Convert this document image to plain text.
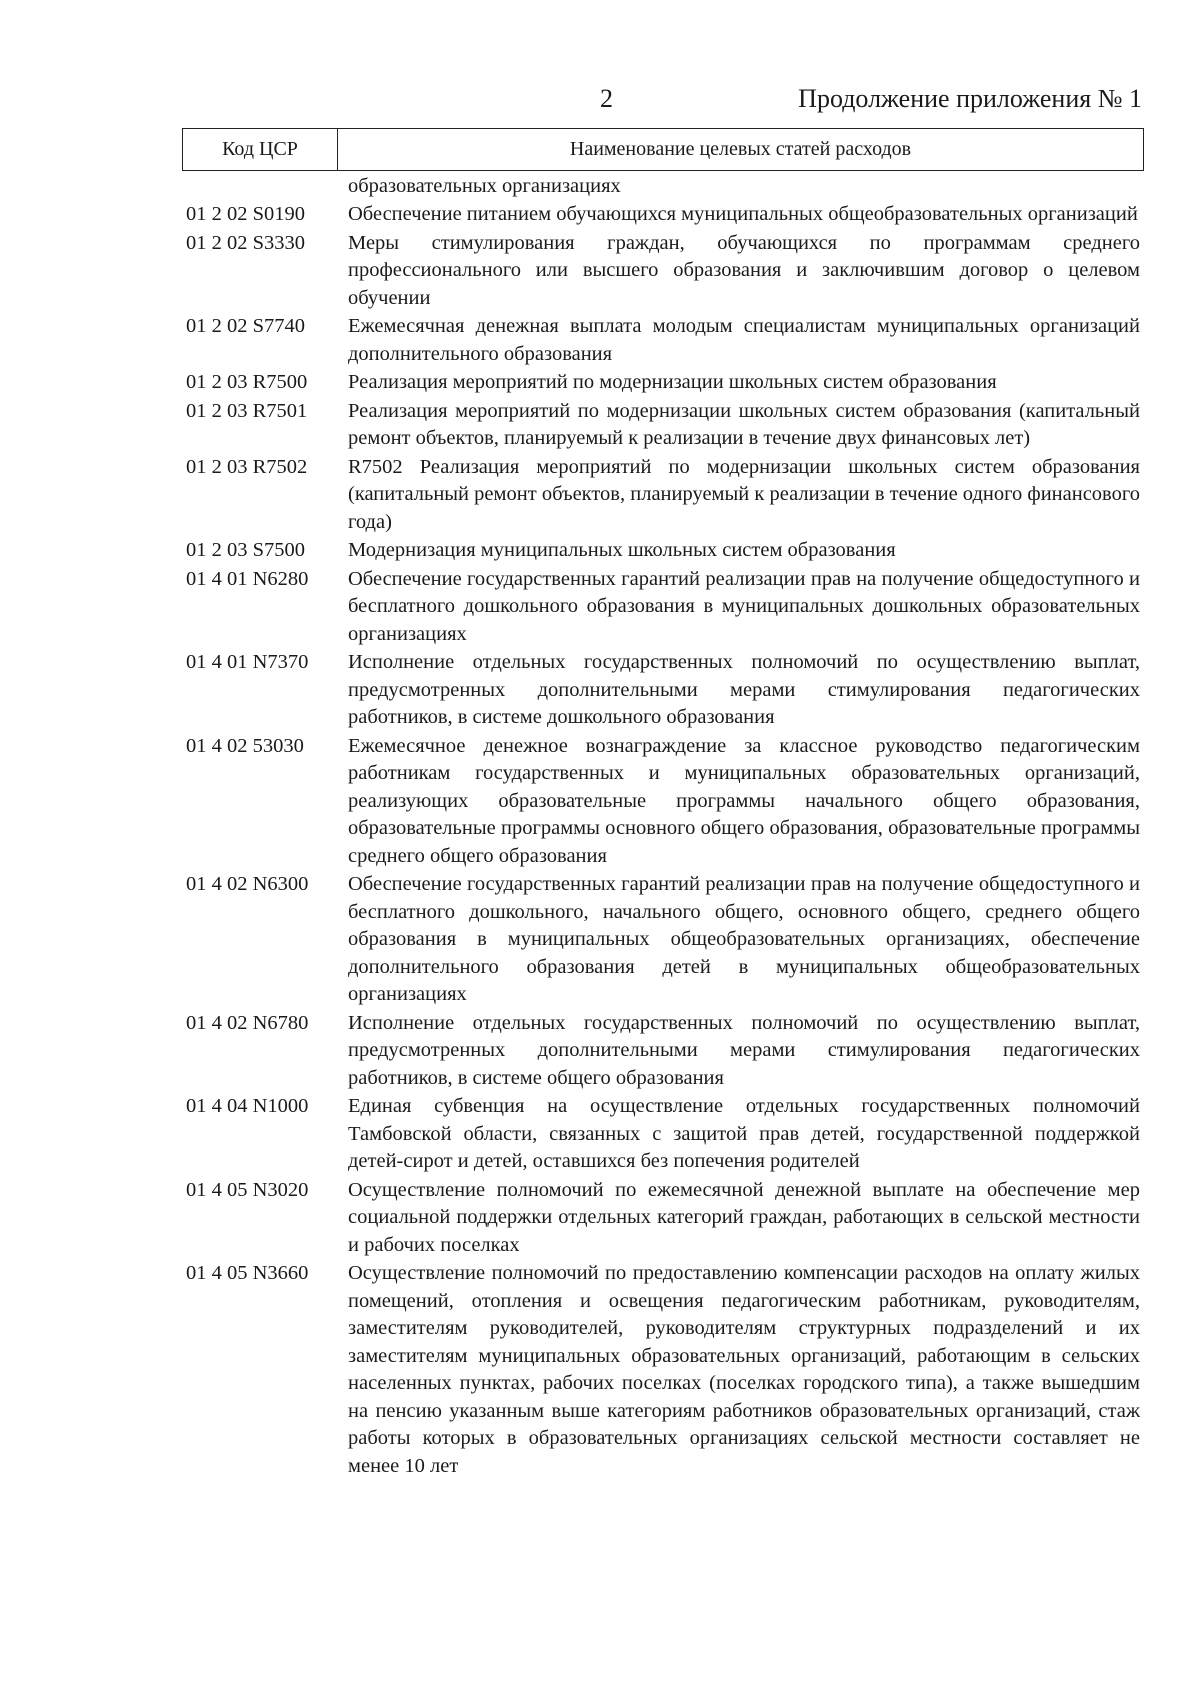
2	Продолжение приложения № 1
Код ЦСР	Наименование целевых статей расходов
образовательных организациях
01 2 02 S0190	Обеспечение питанием обучающихся муниципальных общеобразовательных организаций
01 2 02 S3330	Меры стимулирования граждан, обучающихся по программам среднего профессионального или высшего образования и заключившим договор о целевом обучении
01 2 02 S7740	Ежемесячная денежная выплата молодым специалистам муниципальных организаций дополнительного образования
01 2 03 R7500	Реализация мероприятий по модернизации школьных систем образования
01 2 03 R7501	Реализация мероприятий по модернизации школьных систем образования (капитальный ремонт объектов, планируемый к реализации в течение двух финансовых лет)
01 2 03 R7502	R7502 Реализация мероприятий по модернизации школьных систем образования (капитальный ремонт объектов, планируемый к реализации в течение одного финансового года)
01 2 03 S7500	Модернизация муниципальных школьных систем образования
01 4 01 N6280	Обеспечение государственных гарантий реализации прав на получение общедоступного и бесплатного дошкольного образования в муниципальных дошкольных образовательных организациях
01 4 01 N7370	Исполнение отдельных государственных полномочий по осуществлению выплат, предусмотренных дополнительными мерами стимулирования педагогических работников, в системе дошкольного образования
01 4 02 53030	Ежемесячное денежное вознаграждение за классное руководство педагогическим работникам государственных и муниципальных образовательных организаций, реализующих образовательные программы начального общего образования, образовательные программы основного общего образования, образовательные программы среднего общего образования
01 4 02 N6300	Обеспечение государственных гарантий реализации прав на получение общедоступного и бесплатного дошкольного, начального общего, основного общего, среднего общего образования в муниципальных общеобразовательных организациях, обеспечение дополнительного образования детей в муниципальных общеобразовательных организациях
01 4 02 N6780	Исполнение отдельных государственных полномочий по осуществлению выплат, предусмотренных дополнительными мерами стимулирования педагогических работников, в системе общего образования
01 4 04 N1000	Единая субвенция на осуществление отдельных государственных полномочий Тамбовской области, связанных с защитой прав детей, государственной поддержкой детей-сирот и детей, оставшихся без попечения родителей
01 4 05 N3020	Осуществление полномочий по ежемесячной денежной выплате на обеспечение мер социальной поддержки отдельных категорий граждан, работающих в сельской местности и рабочих поселках
01 4 05 N3660	Осуществление полномочий по предоставлению компенсации расходов на оплату жилых помещений, отопления и освещения педагогическим работникам, руководителям, заместителям руководителей, руководителям структурных подразделений и их заместителям муниципальных образовательных организаций, работающим в сельских населенных пунктах, рабочих поселках (поселках городского типа), а также вышедшим на пенсию указанным выше категориям работников образовательных организаций, стаж работы которых в образовательных организациях сельской местности составляет не менее 10 лет
